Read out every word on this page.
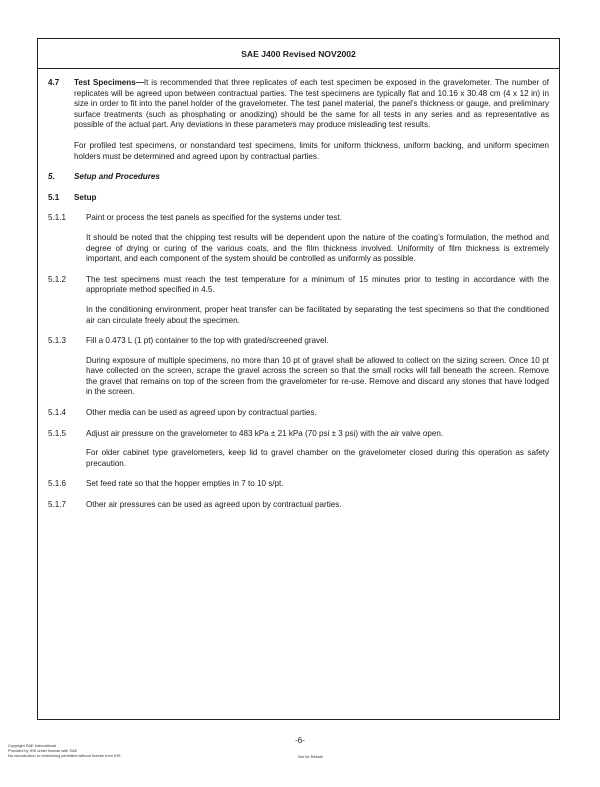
SAE J400 Revised NOV2002
4.7	Test Specimens—It is recommended that three replicates of each test specimen be exposed in the gravelometer. The number of replicates will be agreed upon between contractual parties. The test specimens are typically flat and 10.16 x 30.48 cm (4 x 12 in) in size in order to fit into the panel holder of the gravelometer. The test panel material, the panel’s thickness or gauge, and preliminary surface treatments (such as phosphating or anodizing) should be the same for all tests in any series and as representative as possible of the actual part. Any deviations in these parameters may produce misleading test results.
For profiled test specimens, or nonstandard test specimens, limits for uniform thickness, uniform backing, and uniform specimen holders must be determined and agreed upon by contractual parties.
5.	Setup and Procedures
5.1	Setup
5.1.1	Paint or process the test panels as specified for the systems under test.
It should be noted that the chipping test results will be dependent upon the nature of the coating’s formulation, the method and degree of drying or curing of the various coats, and the film thickness involved. Uniformity of film thickness is extremely important, and each component of the system should be controlled as uniformly as possible.
5.1.2	The test specimens must reach the test temperature for a minimum of 15 minutes prior to testing in accordance with the appropriate method specified in 4.5.
In the conditioning environment, proper heat transfer can be facilitated by separating the test specimens so that the conditioned air can circulate freely about the specimen.
5.1.3	Fill a 0.473 L (1 pt) container to the top with grated/screened gravel.
During exposure of multiple specimens, no more than 10 pt of gravel shall be allowed to collect on the sizing screen. Once 10 pt have collected on the screen, scrape the gravel across the screen so that the small rocks will fall beneath the screen. Remove the gravel that remains on top of the screen from the gravelometer for re-use. Remove and discard any stones that have lodged in the screen.
5.1.4	Other media can be used as agreed upon by contractual parties.
5.1.5	Adjust air pressure on the gravelometer to 483 kPa ± 21 kPa (70 psi ± 3 psi) with the air valve open.
For older cabinet type gravelometers, keep lid to gravel chamber on the gravelometer closed during this operation as safety precaution.
5.1.6	Set feed rate so that the hopper empties in 7 to 10 s/pt.
5.1.7	Other air pressures can be used as agreed upon by contractual parties.
-6-
Copyright SAE International
Provided by IHS under license with SAE
No reproduction or networking permitted without license from IHS	Not for Resale
